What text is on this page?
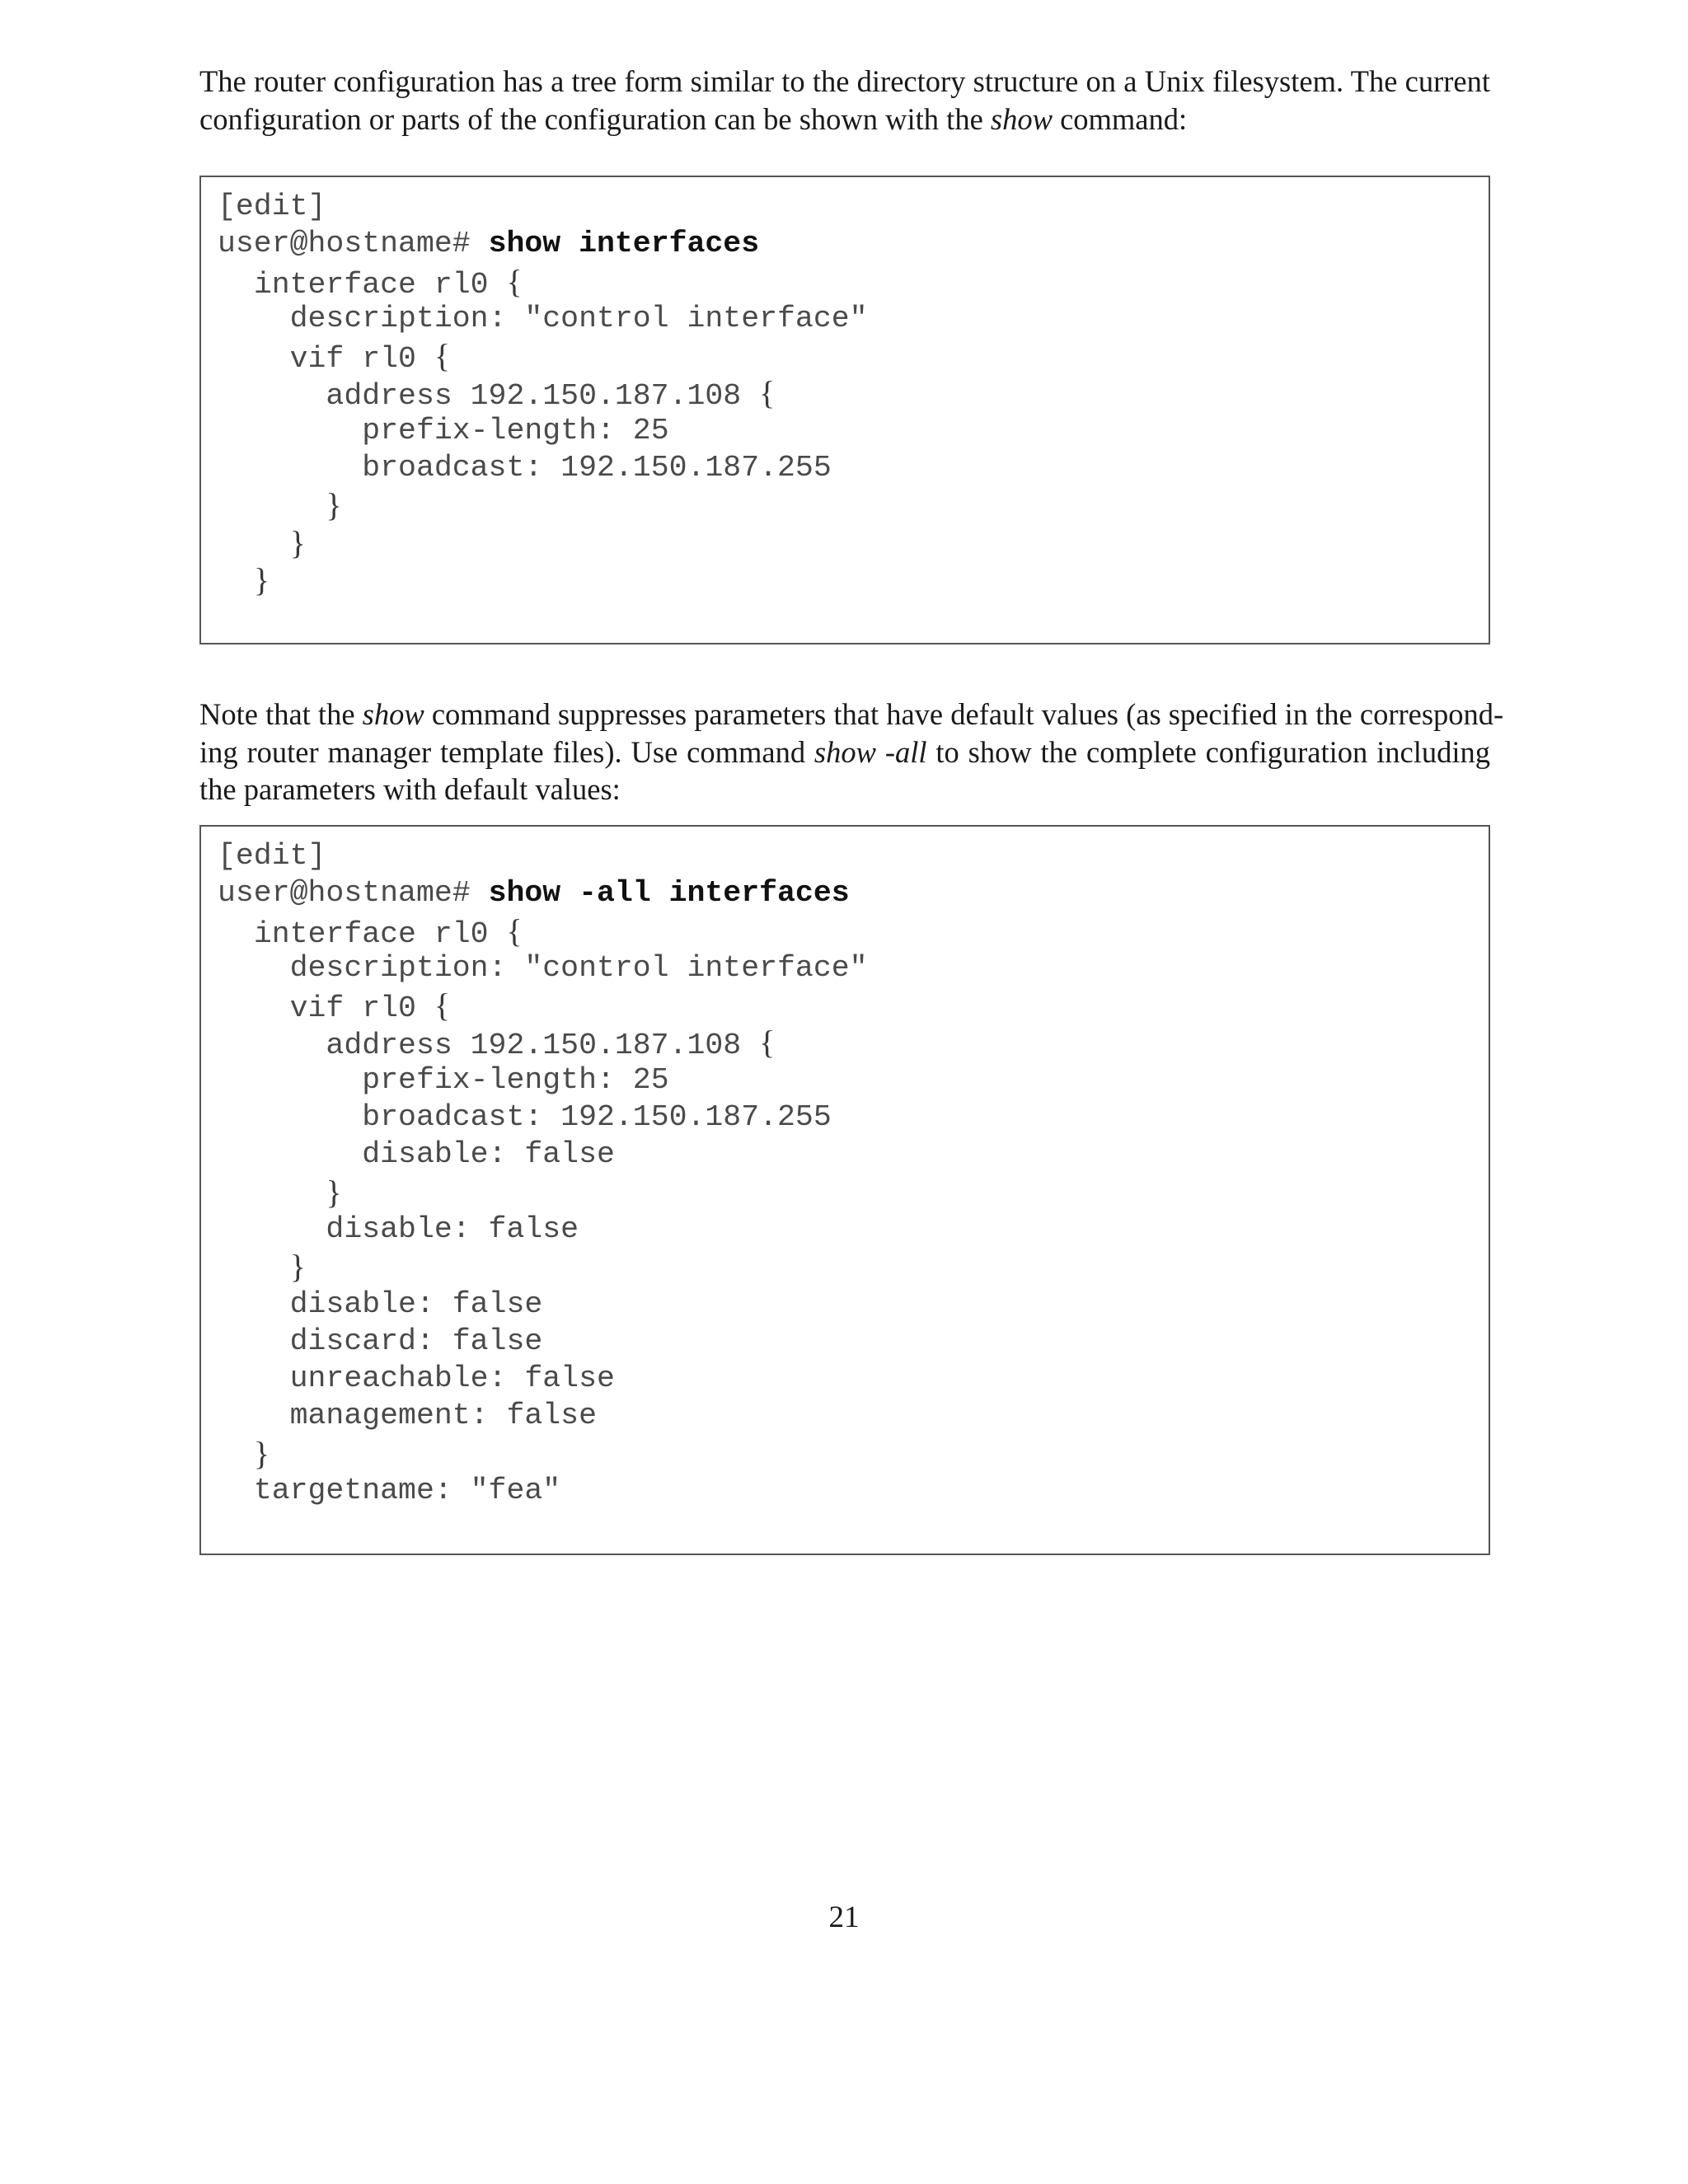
The router configuration has a tree form similar to the directory structure on a Unix filesystem. The current
configuration or parts of the configuration can be shown with the show command:
[edit]
user@hostname# show interfaces
interface rl0 {
description: "control interface"
vif rl0 {
address 192.150.187.108 {
prefix-length: 25
broadcast: 192.150.187.255
}
}
}
Note that the show command suppresses parameters that have default values (as specified in the correspond-
ing router manager template files). Use command show -all to show the complete configuration including
the parameters with default values:
[edit]
user@hostname# show -all interfaces
interface rl0 {
description: "control interface"
vif rl0 {
address 192.150.187.108 {
prefix-length: 25
broadcast: 192.150.187.255
disable: false
}
disable: false
}
disable: false
discard: false
unreachable: false
management: false
}
targetname: "fea"
21
